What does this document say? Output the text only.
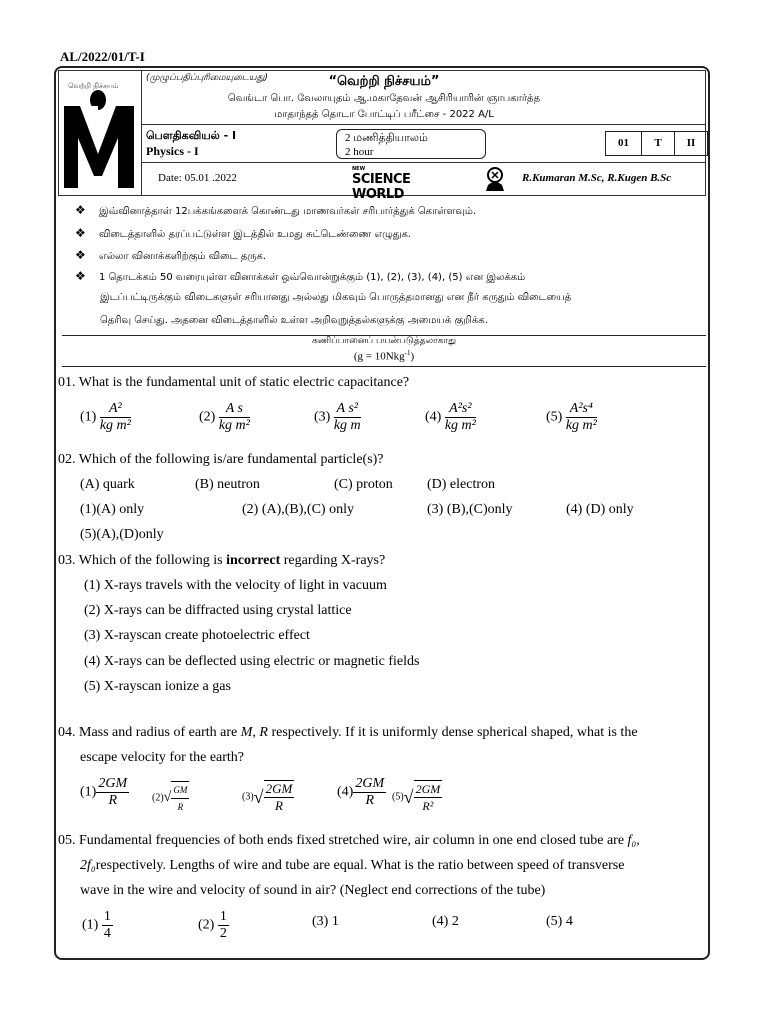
AL/2022/01/T-I
வெற்றி நிச்சயம்
(முழுப்பதிப்புரிமையுடையது)	“வெற்றி நிச்சயம்”
வெங்டா பொ. வேலாயுதம் ஆ.மகாதேவன் ஆசிரியாரின் ஞாபகார்த்த
மாதாந்தத் தொடா போட்டிப் பரீட்சை - 2022 A/L
பௌதிகவியல் - I
Physics - I
2 மணித்தியாலம்
2 hour
01	T	II
Date: 05.01 .2022
NEW
SCIENCE WORLD
R.Kumaran M.Sc, R.Kugen B.Sc
❖ இவ்வினாத்தாள் 12பக்கங்களைக் கொண்டது மாணவர்கள் சரிபார்த்துக் கொள்ளவும்.
❖ விடைத்தாளில் தரப்பட்டுள்ள இடத்தில் உமது சுட்டெண்ணை எழுதுக.
❖ எல்லா வினாக்களிற்கும் விடை தருக.
❖ 1 தொடக்கம் 50 வரையுள்ள வினாக்கள் ஒவ்வொன்றுக்கும் (1), (2), (3), (4), (5) என இலக்கம்
இடப்பட்டிருக்கும் விடைகளுள் சரியானது அல்லது மிகவும் பொருத்தமானது என நீர் கருதும் விடையைத்
தெரிவு செய்து. அதனை விடைத்தாளில் உள்ள அறிவுறுத்தல்களுக்கு அமையக் குறிக்க.
கணிப்பானைப் பயன்படுத்தலாகாது
(g = 10Nkg$^{-1}$)
01. What is the fundamental unit of static electric capacitance?
$(1) \frac{\text{A²}}{\text{kg m²}}$	$(2) \frac{\text{A s}}{\text{kg m²}}$	$(3) \frac{\text{A s²}}{\text{kg m}}$	$(4) \frac{\text{A²s²}}{\text{kg m²}}$	$(5) \frac{\text{A²s⁴}}{\text{kg m²}}$
02. Which of the following is/are fundamental particle(s)?
(A) quark	(B) neutron	(C) proton (D) electron
(1)(A) only	(2) (A),(B),(C) only	(3) (B),(C)only	(4) (D) only
(5)(A),(D)only
03. Which of the following is incorrect regarding X-rays?
(1) X-rays travels with the velocity of light in vacuum
(2) X-rays can be diffracted using crystal lattice
(3) X-rayscan create photoelectric effect
(4) X-rays can be deflected using electric or magnetic fields
(5) X-rayscan ionize a gas
04. Mass and radius of earth are M, R respectively. If it is uniformly dense spherical shaped, what is the
escape velocity for the earth?
$(1) \frac{2GM}{R} (2)√ \frac{GM}{R}$	$(3)√ \frac{2GM}{R}$	$(4) \frac{2GM}{R} (5)√ \frac{2GM}{\text{R²}}$
05. Fundamental frequencies of both ends fixed stretched wire, air column in one end closed tube are f₀,
2f₀respectively. Lengths of wire and tube are equal. What is the ratio between speed of transverse
wave in the wire and velocity of sound in air? (Neglect end corrections of the tube)
$(1) \frac{1}{4}$	$(2) \frac{1}{2}$	(3) 1	(4) 2	(5) 4
